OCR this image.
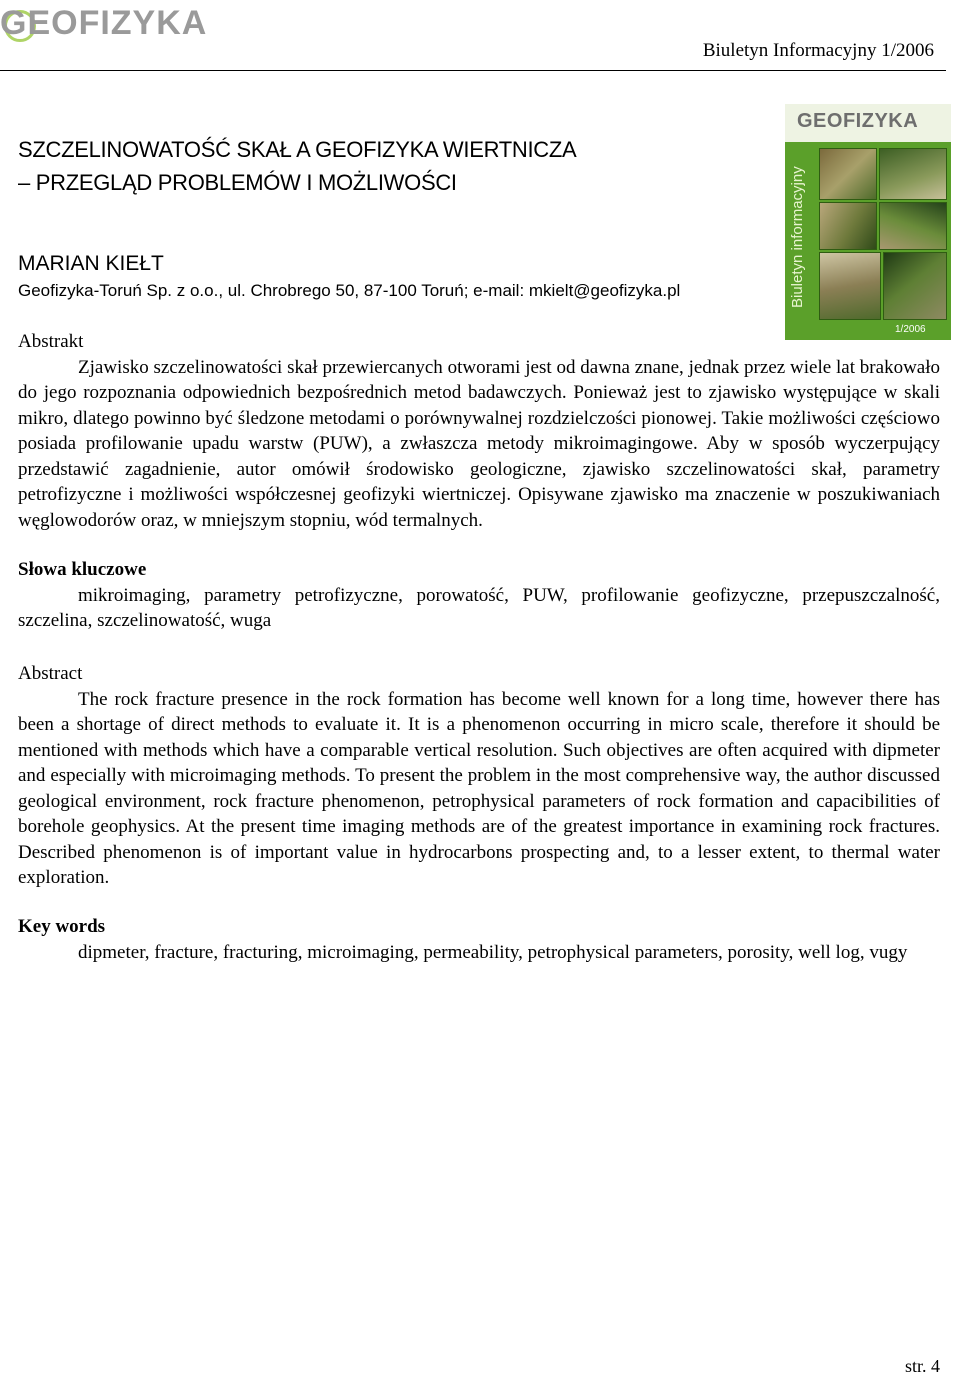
GEOFIZYKA
Biuletyn Informacyjny 1/2006
GEOFIZYKA
Biuletyn informacyjny
1/2006
SZCZELINOWATOŚĆ SKAŁ A GEOFIZYKA WIERTNICZA
– PRZEGLĄD PROBLEMÓW I MOŻLIWOŚCI
MARIAN KIEŁT
Geofizyka-Toruń Sp. z o.o., ul. Chrobrego 50, 87-100 Toruń; e-mail: mkielt@geofizyka.pl
Abstrakt

Zjawisko szczelinowatości skał przewiercanych otworami jest od dawna znane, jednak przez wiele lat brakowało do jego rozpoznania odpowiednich bezpośrednich metod badawczych. Ponieważ jest to zjawisko występujące w skali mikro, dlatego powinno być śledzone metodami o porównywalnej rozdzielczości pionowej. Takie możliwości częściowo posiada profilowanie upadu warstw (PUW), a zwłaszcza metody mikroimagingowe. Aby w sposób wyczerpujący przedstawić zagadnienie, autor omówił środowisko geologiczne, zjawisko szczelinowatości skał, parametry petrofizyczne i możliwości współczesnej geofizyki wiertniczej. Opisywane zjawisko ma znaczenie w poszukiwaniach węglowodorów oraz, w mniejszym stopniu, wód termalnych.

Słowa kluczowe

mikroimaging, parametry petrofizyczne, porowatość, PUW, profilowanie geofizyczne, przepuszczalność, szczelina, szczelinowatość, wuga

Abstract

The rock fracture presence in the rock formation has become well known for a long time, however there has been a shortage of direct methods to evaluate it. It is a phenomenon occurring in micro scale, therefore it should be mentioned with methods which have a comparable vertical resolution. Such objectives are often acquired with dipmeter and especially with microimaging methods. To present the problem in the most comprehensive way, the author discussed geological environment, rock fracture phenomenon, petrophysical parameters of rock formation and capacibilities of borehole geophysics. At the present time imaging methods are of the greatest importance in examining rock fractures. Described phenomenon is of important value in hydrocarbons prospecting and, to a lesser extent, to thermal water exploration.

Key words

dipmeter, fracture, fracturing, microimaging, permeability, petrophysical parameters, porosity, well log, vugy

str. 4
